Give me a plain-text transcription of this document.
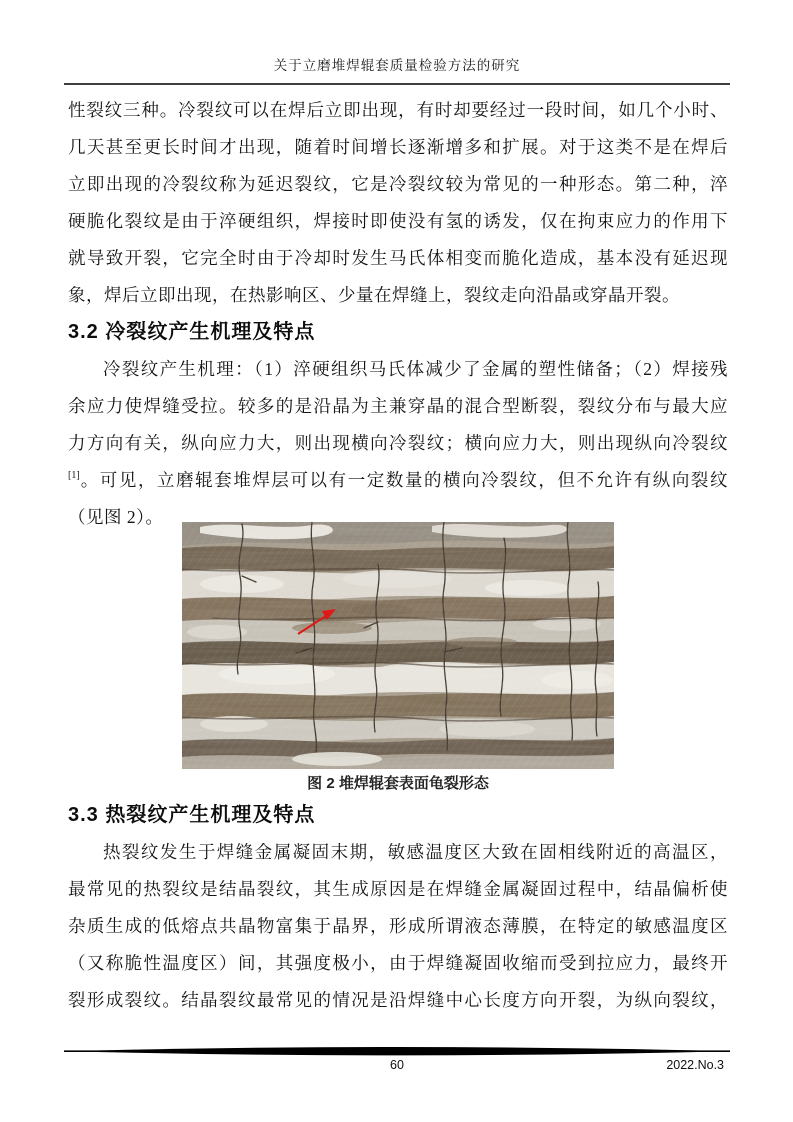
关于立磨堆焊辊套质量检验方法的研究
性裂纹三种。冷裂纹可以在焊后立即出现，有时却要经过一段时间，如几个小时、
几天甚至更长时间才出现，随着时间增长逐渐增多和扩展。对于这类不是在焊后
立即出现的冷裂纹称为延迟裂纹，它是冷裂纹较为常见的一种形态。第二种，淬
硬脆化裂纹是由于淬硬组织，焊接时即使没有氢的诱发，仅在拘束应力的作用下
就导致开裂，它完全时由于冷却时发生马氏体相变而脆化造成，基本没有延迟现
象，焊后立即出现，在热影响区、少量在焊缝上，裂纹走向沿晶或穿晶开裂。
3.2 冷裂纹产生机理及特点
冷裂纹产生机理：（1）淬硬组织马氏体减少了金属的塑性储备；（2）焊接残
余应力使焊缝受拉。较多的是沿晶为主兼穿晶的混合型断裂，裂纹分布与最大应
力方向有关，纵向应力大，则出现横向冷裂纹；横向应力大，则出现纵向冷裂纹
[1]。可见，立磨辊套堆焊层可以有一定数量的横向冷裂纹，但不允许有纵向裂纹
（见图 2）。
图 2 堆焊辊套表面龟裂形态
3.3 热裂纹产生机理及特点
热裂纹发生于焊缝金属凝固末期，敏感温度区大致在固相线附近的高温区，
最常见的热裂纹是结晶裂纹，其生成原因是在焊缝金属凝固过程中，结晶偏析使
杂质生成的低熔点共晶物富集于晶界，形成所谓液态薄膜，在特定的敏感温度区
（又称脆性温度区）间，其强度极小，由于焊缝凝固收缩而受到拉应力，最终开
裂形成裂纹。结晶裂纹最常见的情况是沿焊缝中心长度方向开裂，为纵向裂纹，
60	2022.No.3
